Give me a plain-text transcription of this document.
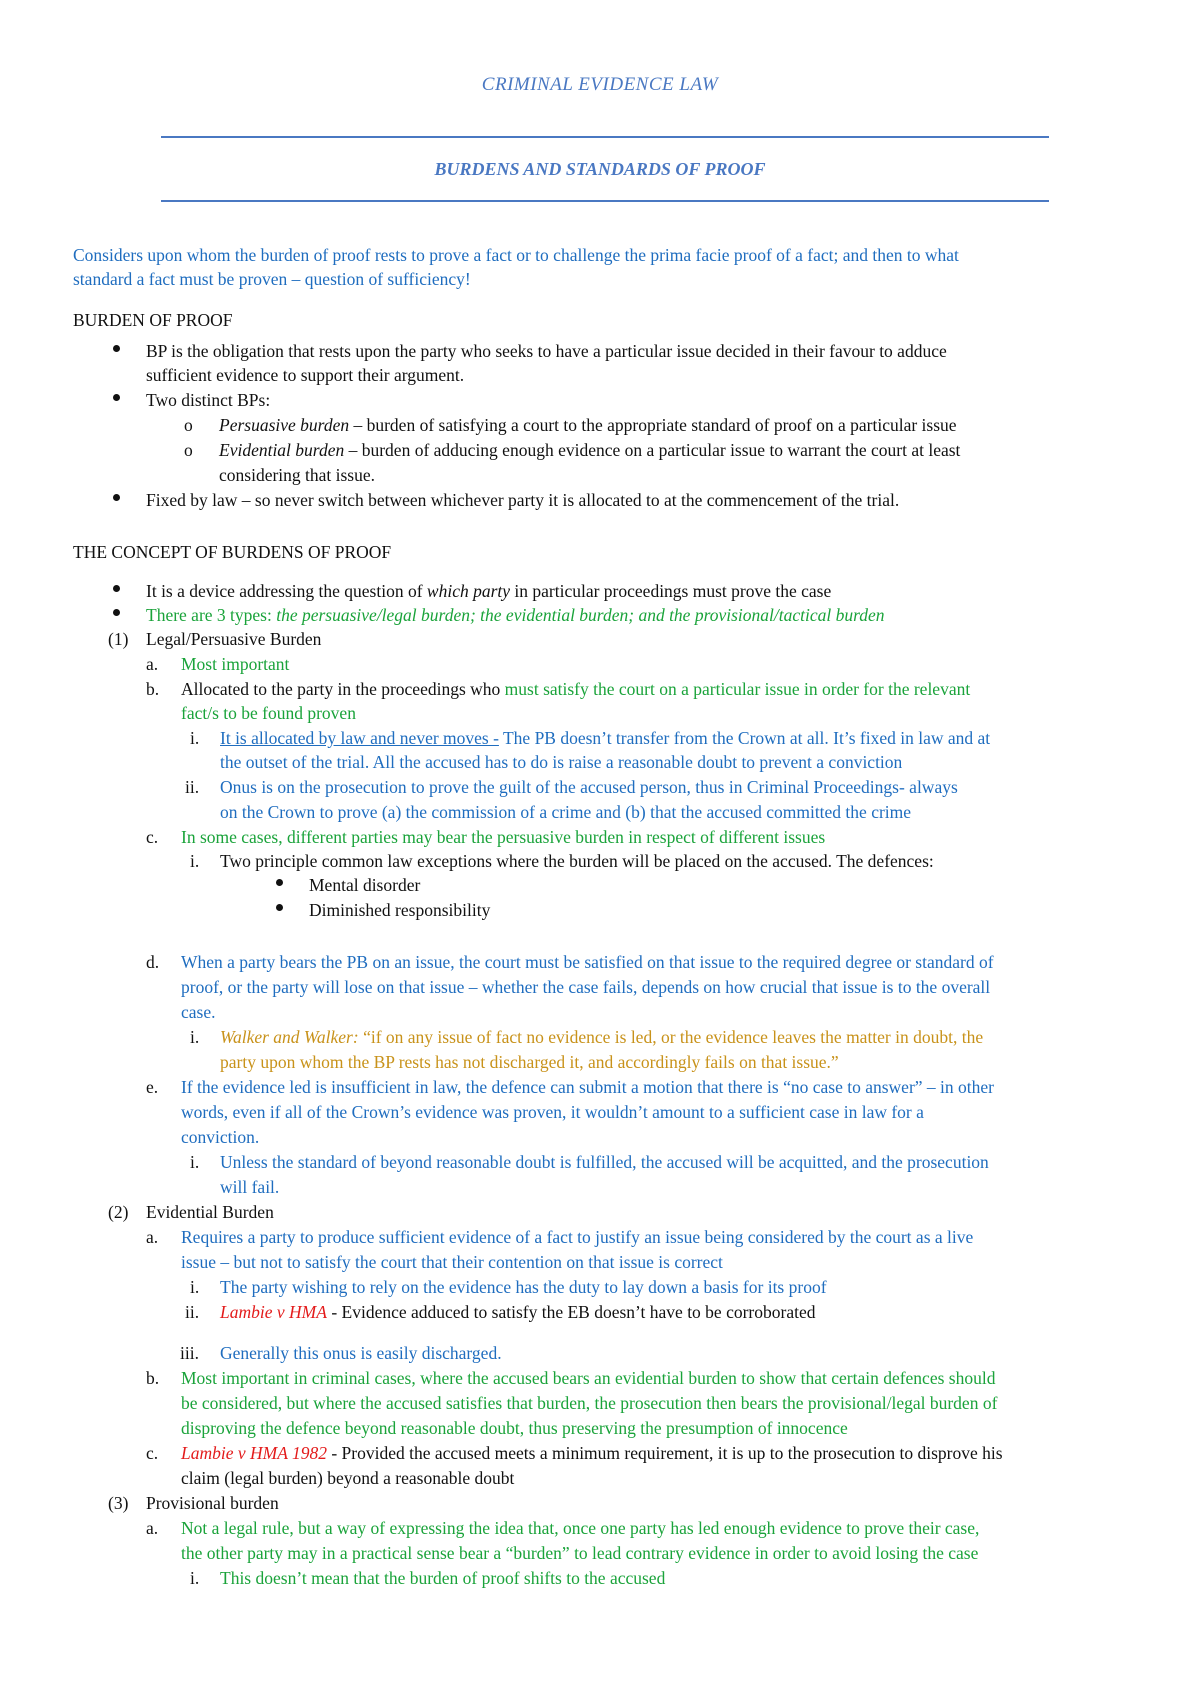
CRIMINAL EVIDENCE LAW
BURDENS AND STANDARDS OF PROOF
Considers upon whom the burden of proof rests to prove a fact or to challenge the prima facie proof of a fact; and then to what
standard a fact must be proven – question of sufficiency!
BURDEN OF PROOF
BP is the obligation that rests upon the party who seeks to have a particular issue decided in their favour to adduce
sufficient evidence to support their argument.
Two distinct BPs:
o Persuasive burden – burden of satisfying a court to the appropriate standard of proof on a particular issue
o Evidential burden – burden of adducing enough evidence on a particular issue to warrant the court at least
considering that issue.
Fixed by law – so never switch between whichever party it is allocated to at the commencement of the trial.
THE CONCEPT OF BURDENS OF PROOF
It is a device addressing the question of which party in particular proceedings must prove the case
There are 3 types: the persuasive/legal burden; the evidential burden; and the provisional/tactical burden
(1) Legal/Persuasive Burden
a. Most important
b. Allocated to the party in the proceedings who must satisfy the court on a particular issue in order for the relevant
fact/s to be found proven
i. It is allocated by law and never moves - The PB doesn’t transfer from the Crown at all. It’s fixed in law and at
the outset of the trial. All the accused has to do is raise a reasonable doubt to prevent a conviction
ii. Onus is on the prosecution to prove the guilt of the accused person, thus in Criminal Proceedings- always
on the Crown to prove (a) the commission of a crime and (b) that the accused committed the crime
c. In some cases, different parties may bear the persuasive burden in respect of different issues
i. Two principle common law exceptions where the burden will be placed on the accused. The defences:
Mental disorder
Diminished responsibility
d. When a party bears the PB on an issue, the court must be satisfied on that issue to the required degree or standard of
proof, or the party will lose on that issue – whether the case fails, depends on how crucial that issue is to the overall
case.
i. Walker and Walker: “if on any issue of fact no evidence is led, or the evidence leaves the matter in doubt, the
party upon whom the BP rests has not discharged it, and accordingly fails on that issue.”
e. If the evidence led is insufficient in law, the defence can submit a motion that there is “no case to answer” – in other
words, even if all of the Crown’s evidence was proven, it wouldn’t amount to a sufficient case in law for a
conviction.
i. Unless the standard of beyond reasonable doubt is fulfilled, the accused will be acquitted, and the prosecution
will fail.
(2) Evidential Burden
a. Requires a party to produce sufficient evidence of a fact to justify an issue being considered by the court as a live
issue – but not to satisfy the court that their contention on that issue is correct
i. The party wishing to rely on the evidence has the duty to lay down a basis for its proof
ii. Lambie v HMA - Evidence adduced to satisfy the EB doesn’t have to be corroborated
iii. Generally this onus is easily discharged.
b. Most important in criminal cases, where the accused bears an evidential burden to show that certain defences should
be considered, but where the accused satisfies that burden, the prosecution then bears the provisional/legal burden of
disproving the defence beyond reasonable doubt, thus preserving the presumption of innocence
c. Lambie v HMA 1982 - Provided the accused meets a minimum requirement, it is up to the prosecution to disprove his
claim (legal burden) beyond a reasonable doubt
(3) Provisional burden
a. Not a legal rule, but a way of expressing the idea that, once one party has led enough evidence to prove their case,
the other party may in a practical sense bear a “burden” to lead contrary evidence in order to avoid losing the case
i. This doesn’t mean that the burden of proof shifts to the accused
